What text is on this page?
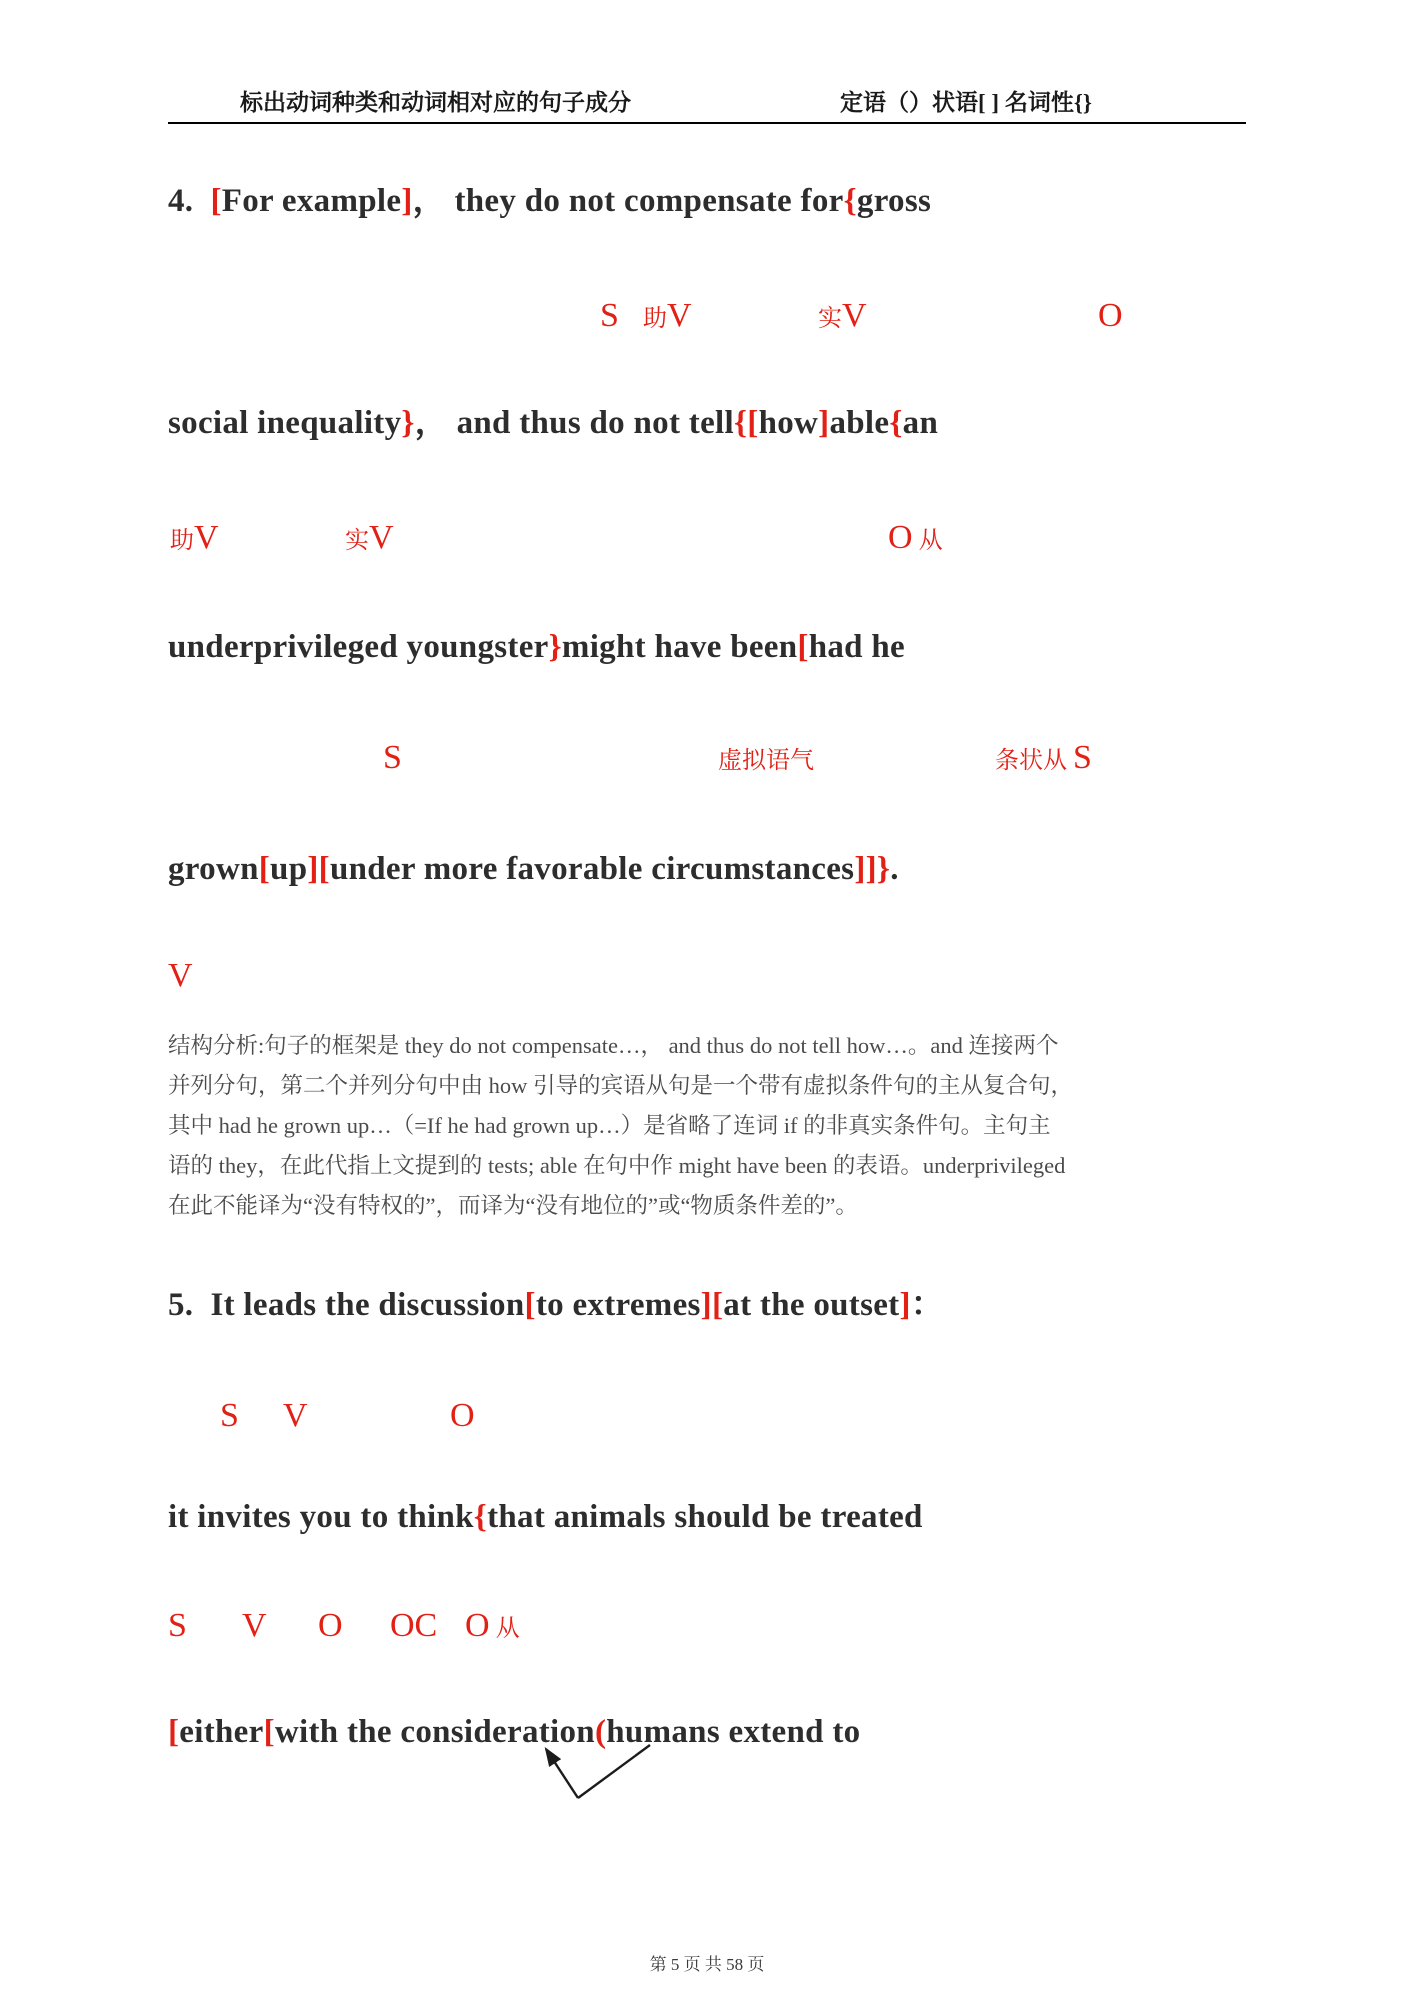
标出动词种类和动词相对应的句子成分	定语（）状语[ ] 名词性{}
4.  [For example]， they do not compensate for{gross
S 助V	实V	O
social inequality}， and thus do not tell{[how]able{an
助V	实V	O 从
underprivileged youngster}might have been[had he
S	虚拟语气	条状从 S
grown[up][under more favorable circumstances]]}.
V
结构分析:句子的框架是 they do not compensate…， and thus do not tell how…。and 连接两个
并列分句，第二个并列分句中由 how 引导的宾语从句是一个带有虚拟条件句的主从复合句，
其中 had he grown up…（=If he had grown up…）是省略了连词 if 的非真实条件句。主句主
语的 they，在此代指上文提到的 tests; able 在句中作 might have been 的表语。underprivileged
在此不能译为“没有特权的”，而译为“没有地位的”或“物质条件差的”。
5.  It leads the discussion[to extremes][at the outset]：
S V	O
it invites you to think{that animals should be treated
S V O OC O 从
[either[with the consideration(humans extend to
第 5 页 共 58 页
